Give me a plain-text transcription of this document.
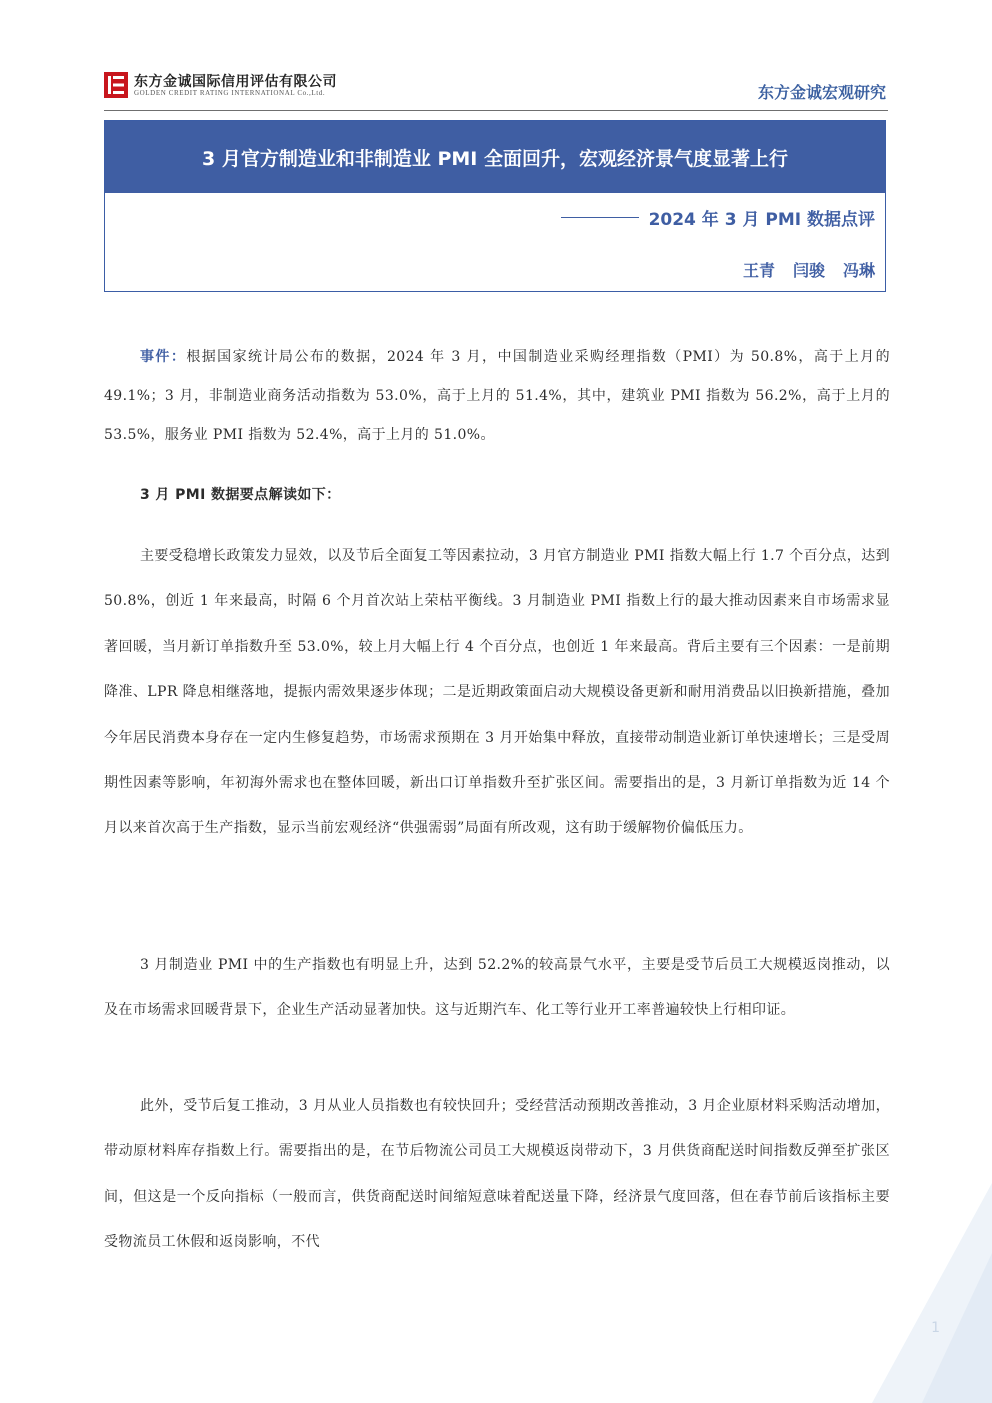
东方金诚国际信用评估有限公司
GOLDEN CREDIT RATING INTERNATIONAL Co.,Ltd.	东方金诚宏观研究
3 月官方制造业和非制造业 PMI 全面回升，宏观经济景气度显著上行
2024 年 3 月 PMI 数据点评
王青 闫骏 冯琳
事件：根据国家统计局公布的数据，2024 年 3 月，中国制造业采购经理指数（PMI）为 50.8%，高于上月的 49.1%；3 月，非制造业商务活动指数为 53.0%，高于上月的 51.4%，其中，建筑业 PMI 指数为 56.2%，高于上月的 53.5%，服务业 PMI 指数为 52.4%，高于上月的 51.0%。
3 月 PMI 数据要点解读如下：
主要受稳增长政策发力显效，以及节后全面复工等因素拉动，3 月官方制造业 PMI 指数大幅上行 1.7 个百分点，达到 50.8%，创近 1 年来最高，时隔 6 个月首次站上荣枯平衡线。3 月制造业 PMI 指数上行的最大推动因素来自市场需求显著回暖，当月新订单指数升至 53.0%，较上月大幅上行 4 个百分点，也创近 1 年来最高。背后主要有三个因素：一是前期降准、LPR 降息相继落地，提振内需效果逐步体现；二是近期政策面启动大规模设备更新和耐用消费品以旧换新措施，叠加今年居民消费本身存在一定内生修复趋势，市场需求预期在 3 月开始集中释放，直接带动制造业新订单快速增长；三是受周期性因素等影响，年初海外需求也在整体回暖，新出口订单指数升至扩张区间。需要指出的是，3 月新订单指数为近 14 个月以来首次高于生产指数，显示当前宏观经济“供强需弱”局面有所改观，这有助于缓解物价偏低压力。
3 月制造业 PMI 中的生产指数也有明显上升，达到 52.2%的较高景气水平，主要是受节后员工大规模返岗推动，以及在市场需求回暖背景下，企业生产活动显著加快。这与近期汽车、化工等行业开工率普遍较快上行相印证。
此外，受节后复工推动，3 月从业人员指数也有较快回升；受经营活动预期改善推动，3 月企业原材料采购活动增加，带动原材料库存指数上行。需要指出的是，在节后物流公司员工大规模返岗带动下，3 月供货商配送时间指数反弹至扩张区间，但这是一个反向指标（一般而言，供货商配送时间缩短意味着配送量下降，经济景气度回落，但在春节前后该指标主要受物流员工休假和返岗影响，不代
1
